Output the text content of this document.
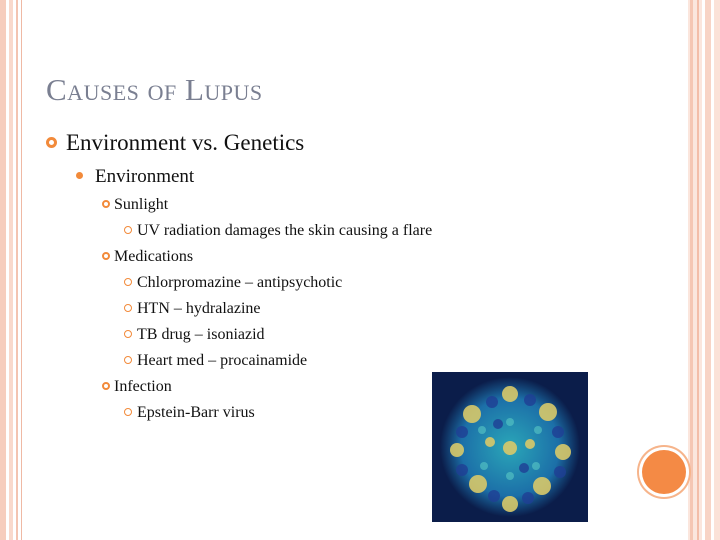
Causes of Lupus
Environment vs. Genetics
Environment
Sunlight
UV radiation damages the skin causing a flare
Medications
Chlorpromazine – antipsychotic
HTN – hydralazine
TB drug – isoniazid
Heart med – procainamide
Infection
Epstein-Barr virus
